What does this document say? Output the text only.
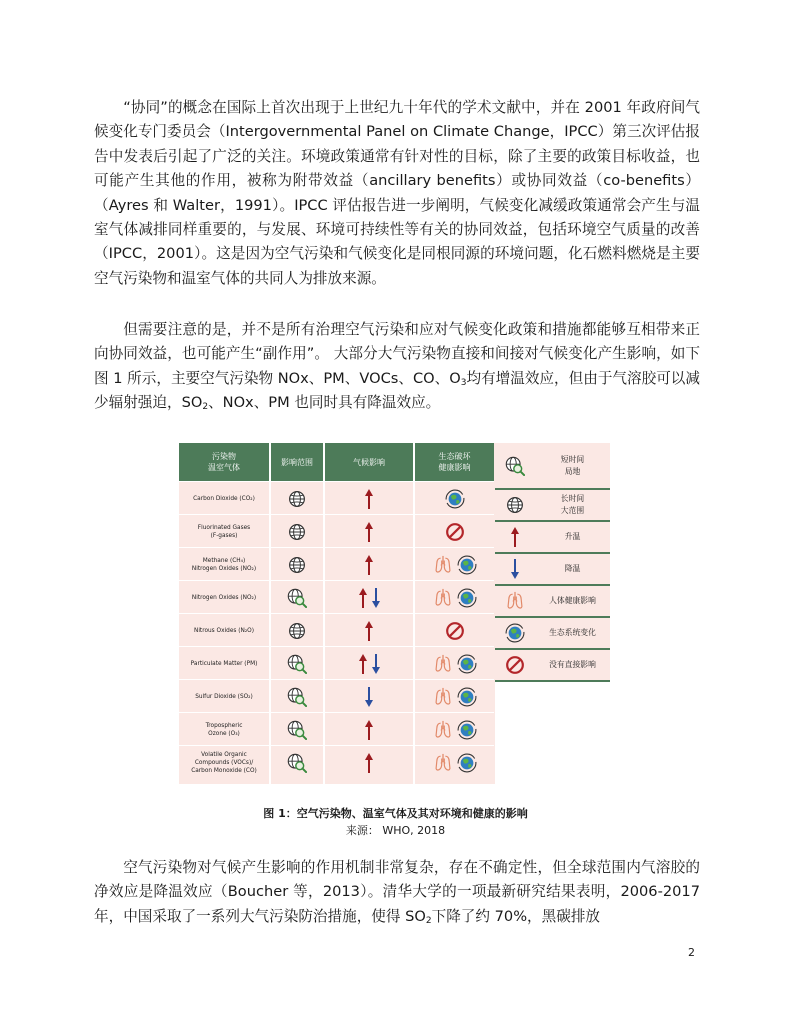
“协同”的概念在国际上首次出现于上世纪九十年代的学术文献中，并在 2001 年政府间气候变化专门委员会（Intergovernmental Panel on Climate Change，IPCC）第三次评估报告中发表后引起了广泛的关注。环境政策通常有针对性的目标，除了主要的政策目标收益，也可能产生其他的作用，被称为附带效益（ancillary benefits）或协同效益（co-benefits）（Ayres 和 Walter，1991）。IPCC 评估报告进一步阐明，气候变化减缓政策通常会产生与温室气体减排同样重要的，与发展、环境可持续性等有关的协同效益，包括环境空气质量的改善（IPCC，2001）。这是因为空气污染和气候变化是同根同源的环境问题，化石燃料燃烧是主要空气污染物和温室气体的共同人为排放来源。

但需要注意的是，并不是所有治理空气污染和应对气候变化政策和措施都能够互相带来正向协同效益，也可能产生“副作用”。 大部分大气污染物直接和间接对气候变化产生影响，如下图 1 所示，主要空气污染物 NOx、PM、VOCs、CO、$O_3$均有增温效应，但由于气溶胶可以减少辐射强迫，$SO_2$、NOx、PM 也同时具有降温效应。

污染物
温室气体
影响范围	气候影响
生态破坏
健康影响
Carbon Dioxide (CO₂)
Fluorinated Gases
(F-gases)
Methane (CH₄)
Nitrogen Oxides (NO₂)
Nitrogen Oxides (NO₂)
Nitrous Oxides (N₂O)
Particulate Matter (PM)
Sulfur Dioxide (SO₂)
Tropospheric
Ozone (O₃)
Volatile Organic
Compounds (VOCs)/
Carbon Monoxide (CO)
短时间
局地
长时间
大范围
升温
降温
人体健康影响
生态系统变化
没有直接影响
图 1：空气污染物、温室气体及其对环境和健康的影响
来源： WHO, 2018

空气污染物对气候产生影响的作用机制非常复杂，存在不确定性，但全球范围内气溶胶的净效应是降温效应（Boucher 等，2013）。清华大学的一项最新研究结果表明，2006-2017 年，中国采取了一系列大气污染防治措施，使得 $SO_2$下降了约 70%，黑碳排放

2
